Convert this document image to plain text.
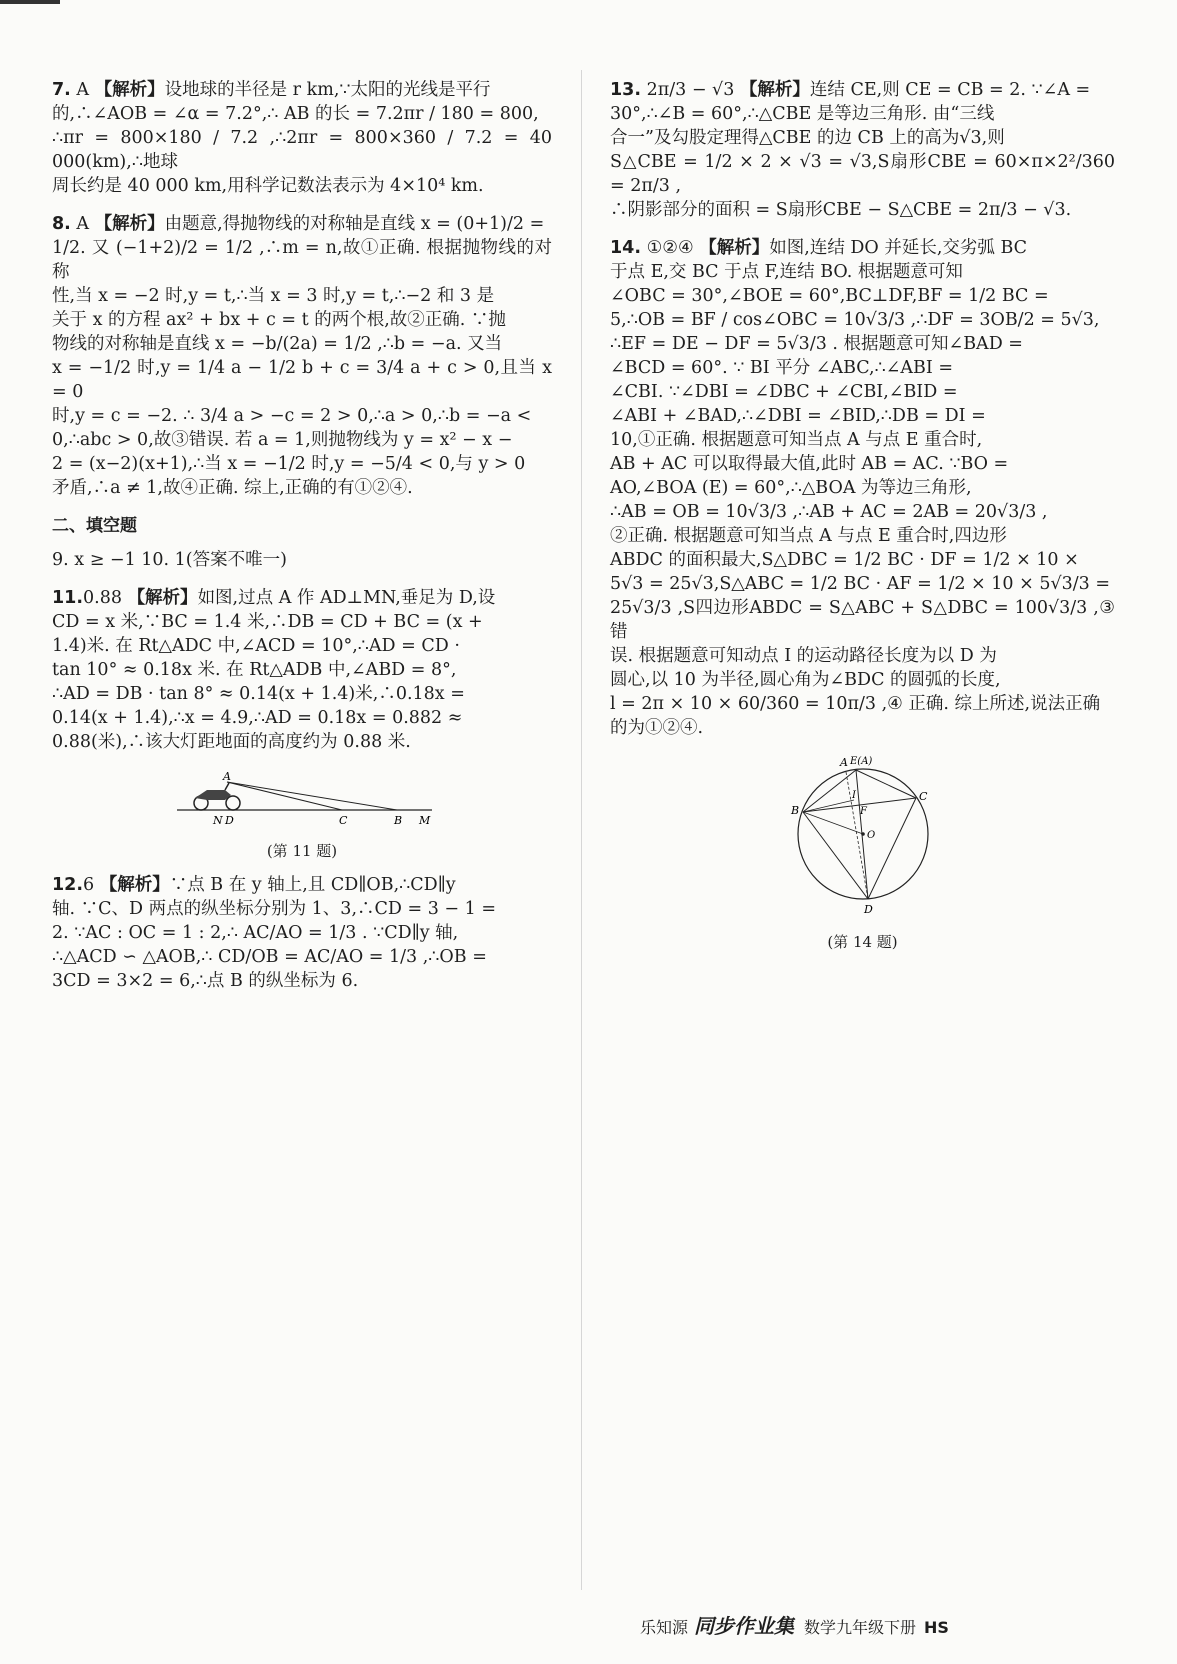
7. A 【解析】设地球的半径是 r km,∵太阳的光线是平行
的,∴∠AOB = ∠α = 7.2°,∴ AB 的长 = 7.2πr / 180 = 800,
∴πr = 800×180 / 7.2 ,∴2πr = 800×360 / 7.2 = 40 000(km),∴地球
周长约是 40 000 km,用科学记数法表示为 4×10⁴ km.

8. A 【解析】由题意,得抛物线的对称轴是直线 x = (0+1)/2 =
1/2. 又 (−1+2)/2 = 1/2 ,∴m = n,故①正确. 根据抛物线的对称
性,当 x = −2 时,y = t,∴当 x = 3 时,y = t,∴−2 和 3 是
关于 x 的方程 ax² + bx + c = t 的两个根,故②正确. ∵抛
物线的对称轴是直线 x = −b/(2a) = 1/2 ,∴b = −a. 又当
x = −1/2 时,y = 1/4 a − 1/2 b + c = 3/4 a + c > 0,且当 x = 0
时,y = c = −2. ∴ 3/4 a > −c = 2 > 0,∴a > 0,∴b = −a <
0,∴abc > 0,故③错误. 若 a = 1,则抛物线为 y = x² − x −
2 = (x−2)(x+1),∴当 x = −1/2 时,y = −5/4 < 0,与 y > 0
矛盾,∴a ≠ 1,故④正确. 综上,正确的有①②④.

二、填空题

9. x ≥ −1 10. 1(答案不唯一)

11.0.88 【解析】如图,过点 A 作 AD⊥MN,垂足为 D,设
CD = x 米,∵BC = 1.4 米,∴DB = CD + BC = (x +
1.4)米. 在 Rt△ADC 中,∠ACD = 10°,∴AD = CD ·
tan 10° ≈ 0.18x 米. 在 Rt△ADB 中,∠ABD = 8°,
∴AD = DB · tan 8° ≈ 0.14(x + 1.4)米,∴0.18x =
0.14(x + 1.4),∴x = 4.9,∴AD = 0.18x = 0.882 ≈
0.88(米),∴该大灯距地面的高度约为 0.88 米.

A
N D	C	B M
(第 11 题)

12.6 【解析】∵点 B 在 y 轴上,且 CD∥OB,∴CD∥y
轴. ∵C、D 两点的纵坐标分别为 1、3,∴CD = 3 − 1 =
2. ∵AC : OC = 1 : 2,∴ AC/AO = 1/3 . ∵CD∥y 轴,
∴△ACD ∽ △AOB,∴ CD/OB = AC/AO = 1/3 ,∴OB =
3CD = 3×2 = 6,∴点 B 的纵坐标为 6.

13. 2π/3 − √3 【解析】连结 CE,则 CE = CB = 2. ∵∠A =
30°,∴∠B = 60°,∴△CBE 是等边三角形. 由“三线
合一”及勾股定理得△CBE 的边 CB 上的高为√3,则
S△CBE = 1/2 × 2 × √3 = √3,S扇形CBE = 60×π×2²/360 = 2π/3 ,
∴阴影部分的面积 = S扇形CBE − S△CBE = 2π/3 − √3.

14. ①②④ 【解析】如图,连结 DO 并延长,交劣弧 BC
于点 E,交 BC 于点 F,连结 BO. 根据题意可知
∠OBC = 30°,∠BOE = 60°,BC⊥DF,BF = 1/2 BC =
5,∴OB = BF / cos∠OBC = 10√3/3 ,∴DF = 3OB/2 = 5√3,
∴EF = DE − DF = 5√3/3 . 根据题意可知∠BAD =
∠BCD = 60°. ∵ BI 平分 ∠ABC,∴∠ABI =
∠CBI. ∵∠DBI = ∠DBC + ∠CBI,∠BID =
∠ABI + ∠BAD,∴∠DBI = ∠BID,∴DB = DI =
10,①正确. 根据题意可知当点 A 与点 E 重合时,
AB + AC 可以取得最大值,此时 AB = AC. ∵BO =
AO,∠BOA (E) = 60°,∴△BOA 为等边三角形,
∴AB = OB = 10√3/3 ,∴AB + AC = 2AB = 20√3/3 ,
②正确. 根据题意可知当点 A 与点 E 重合时,四边形
ABDC 的面积最大,S△DBC = 1/2 BC · DF = 1/2 × 10 ×
5√3 = 25√3,S△ABC = 1/2 BC · AF = 1/2 × 10 × 5√3/3 =
25√3/3 ,S四边形ABDC = S△ABC + S△DBC = 100√3/3 ,③ 错
误. 根据题意可知动点 I 的运动路径长度为以 D 为
圆心,以 10 为半径,圆心角为∠BDC 的圆弧的长度,
l = 2π × 10 × 60/360 = 10π/3 ,④ 正确. 综上所述,说法正确
的为①②④.

A E(A)
B
C
I
F
O
D
(第 14 题)
乐知源 同步作业集 数学九年级下册 HS
